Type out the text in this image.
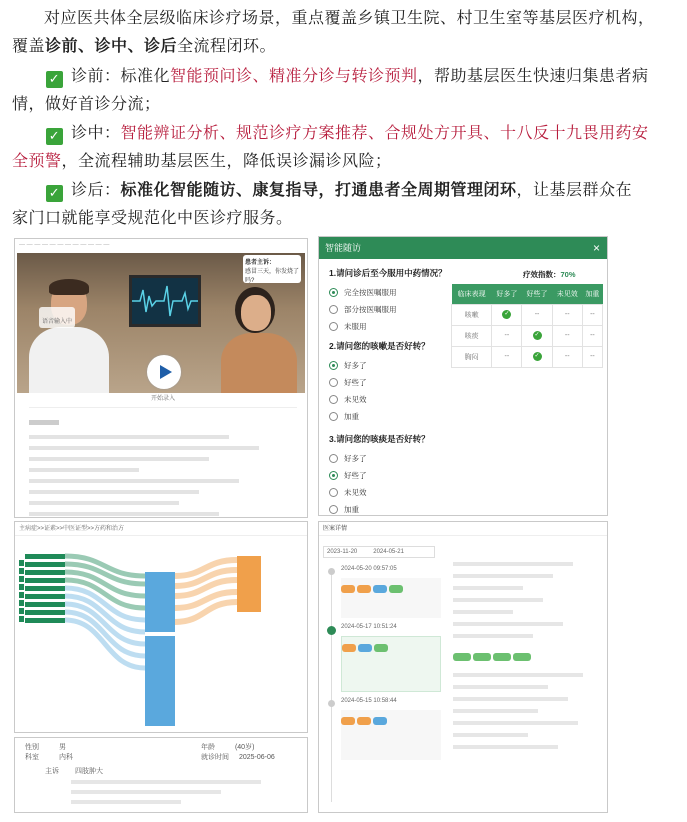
对应医共体全层级临床诊疗场景，重点覆盖乡镇卫生院、村卫生室等基层医疗机构，

覆盖诊前、诊中、诊后全流程闭环。

✓ 诊前：标准化智能预问诊、精准分诊与转诊预判，帮助基层医生快速归集患者病

情，做好首诊分流；

✓ 诊中：智能辨证分析、规范诊疗方案推荐、合规处方开具、十八反十九畏用药安

全预警，全流程辅助基层医生，降低误诊漏诊风险；

✓ 诊后：标准化智能随访、康复指导，打通患者全周期管理闭环，让基层群众在

家门口就能享受规范化中医诊疗服务。

— — — — — — — — — — — —
语音输入中
患者主诉：
感冒三天，你发烧了吗?
开始录入
智能随访	×
1.请问诊后至今服用中药情况？
完全按医嘱服用
部分按医嘱服用
未服用
2.请问您的咳嗽是否好转？
好多了
好些了
未见效
加重
3.请问您的咳痰是否好转？
好多了
好些了
未见效
加重
疗效指数：70%
临床表现	好多了	好些了	未见效	加重
咳嗽	✓	--	--	--
咳痰	--	✓	--	--
胸闷	--	✓	--	--
主病症>>证素>>中医证型>>方药和治方	医案详情
2023-11-20	2024-05-21
2024-05-20 09:57:05
2024-05-17 10:51:24
2024-05-15 10:58:44
性别	男	年龄	(40岁)
科室	内科	就诊时间 2025-06-06
主诉 四肢肿大
